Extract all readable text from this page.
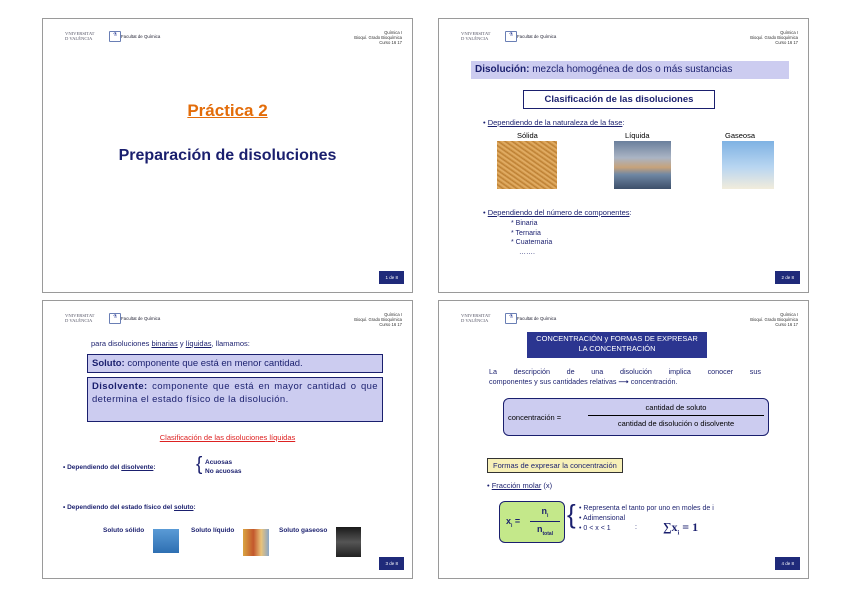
VNIVERSITAT
D VALÈNCIA
⚗ Facultat de Química
Química I
Bioquí. Grado Bioquímica
Curso 16 17
Práctica 2
Preparación de disoluciones
1 de 8
VNIVERSITAT
D VALÈNCIA
⚗ Facultat de Química
Química I
Bioquí. Grado Bioquímica
Curso 16 17
Disolución: mezcla homogénea de dos o más sustancias
Clasificación de las disoluciones
• Dependiendo de la naturaleza de la fase:
Sólida	Líquida	Gaseosa
• Dependiendo del número de componentes:
* Binaria
* Ternaria
* Cuaternaria
…….
2 de 8
VNIVERSITAT
D VALÈNCIA
⚗ Facultat de Química
Química I
Bioquí. Grado Bioquímica
Curso 16 17
para disoluciones binarias y líquidas, llamamos:
Soluto: componente que está en menor cantidad.
Disolvente: componente que está en mayor cantidad o que determina el estado físico de la disolución.
Clasificación de las disoluciones líquidas
• Dependiendo del disolvente: { Acuosas
No acuosas
• Dependiendo del estado físico del soluto:
Soluto sólido	Soluto líquido	Soluto gaseoso
3 de 8
VNIVERSITAT
D VALÈNCIA
⚗ Facultat de Química
Química I
Bioquí. Grado Bioquímica
Curso 16 17
CONCENTRACIÓN y FORMAS DE EXPRESAR
LA CONCENTRACIÓN
La descripción de una disolución implica conocer sus
componentes y sus cantidades relativas ⟶ concentración.
concentración =
cantidad de soluto
cantidad de disolución o disolvente
Formas de expresar la concentración
• Fracción molar (x)
$x_i$ =
$n_i$
$n_{total}$
{ • Representa el tanto por uno en moles de i
• Adimensional
• 0 < x < 1	: $\sum x_i = 1$
4 de 8
